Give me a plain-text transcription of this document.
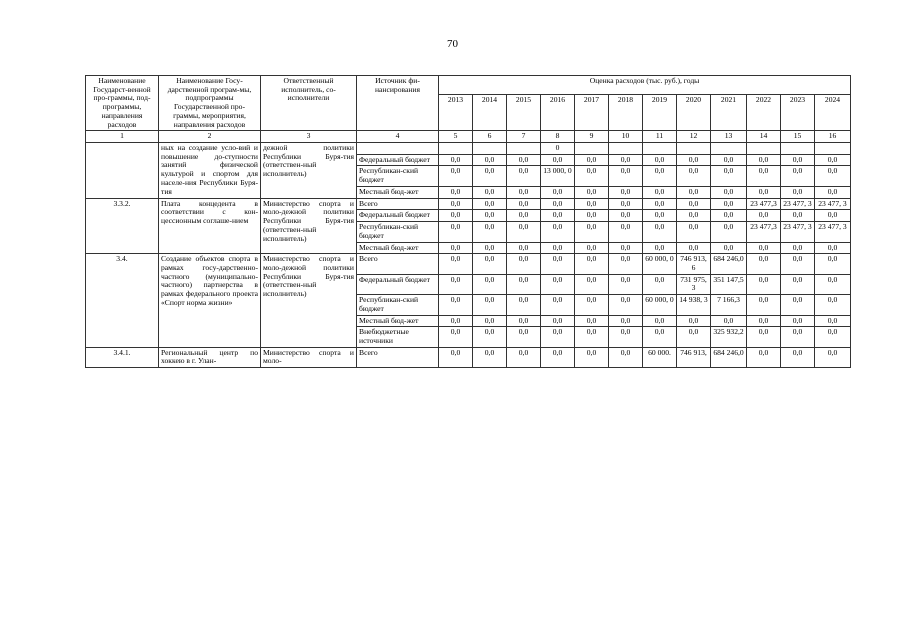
70
Наименование Государст-венной про-граммы, под-программы, направления расходов	Наименование Госу-дарственной програм-мы, подпрограммы Государственной про-граммы, мероприятия, направления расходов	Ответственный исполнитель, со-исполнители	Источник фи-нансирования	Оценка расходов (тыс. руб.), годы											
				2013	2014	2015	2016	2017	2018	2019	2020	2021	2022	2023	2024
1	2	3	4	5	6	7	8	9	10	11	12	13	14	15	16
	ных на создание усло-вий и повышение до-ступности занятий физической культурой и спортом для населе-ния Республики Буря-тия	дежной политики Республики Буря-тия (ответствен-ный исполнитель)					0								
			Федеральный бюджет	0,0	0,0	0,0	0,0	0,0	0,0	0,0	0,0	0,0	0,0	0,0	0,0
			Республикан-ский бюджет	0,0	0,0	0,0	13 000, 0	0,0	0,0	0,0	0,0	0,0	0,0	0,0	0,0
			Местный бюд-жет	0,0	0,0	0,0	0,0	0,0	0,0	0,0	0,0	0,0	0,0	0,0	0,0
3.3.2.	Плата концедента в соответствии с кон-цессионным соглаше-нием	Министерство спорта и моло-дежной политики Республики Буря-тия (ответствен-ный исполнитель)	Всего	0,0	0,0	0,0	0,0	0,0	0,0	0,0	0,0	0,0	23 477,3	23 477, 3	23 477, 3
			Федеральный бюджет	0,0	0,0	0,0	0,0	0,0	0,0	0,0	0,0	0,0	0,0	0,0	0,0
			Республикан-ский бюджет	0,0	0,0	0,0	0,0	0,0	0,0	0,0	0,0	0,0	23 477,3	23 477, 3	23 477, 3
			Местный бюд-жет	0,0	0,0	0,0	0,0	0,0	0,0	0,0	0,0	0,0	0,0	0,0	0,0
3.4.	Создание объектов спорта в рамках госу-дарственно- частного (муниципально-частного) партнерства в рамках федерального проекта «Спорт норма жизни»	Министерство спорта и моло-дежной политики Республики Буря-тия (ответствен-ный исполнитель)	Всего	0,0	0,0	0,0	0,0	0,0	0,0	60 000, 0	746 913, 6	684 246,0	0,0	0,0	0,0
			Федеральный бюджет	0,0	0,0	0,0	0,0	0,0	0,0	0,0	731 975, 3	351 147,5	0,0	0,0	0,0
			Республикан-ский бюджет	0,0	0,0	0,0	0,0	0,0	0,0	60 000, 0	14 938, 3	7 166,3	0,0	0,0	0,0
			Местный бюд-жет	0,0	0,0	0,0	0,0	0,0	0,0	0,0	0,0	0,0	0,0	0,0	0,0
			Внебюджетные источники	0,0	0,0	0,0	0,0	0,0	0,0	0,0	0,0	325 932,2	0,0	0,0	0,0
3.4.1.	Региональный центр по хоккею в г. Улан-	Министерство спорта и моло-	Всего	0,0	0,0	0,0	0,0	0,0	0,0	60 000.	746 913,	684 246,0	0,0	0,0	0,0
